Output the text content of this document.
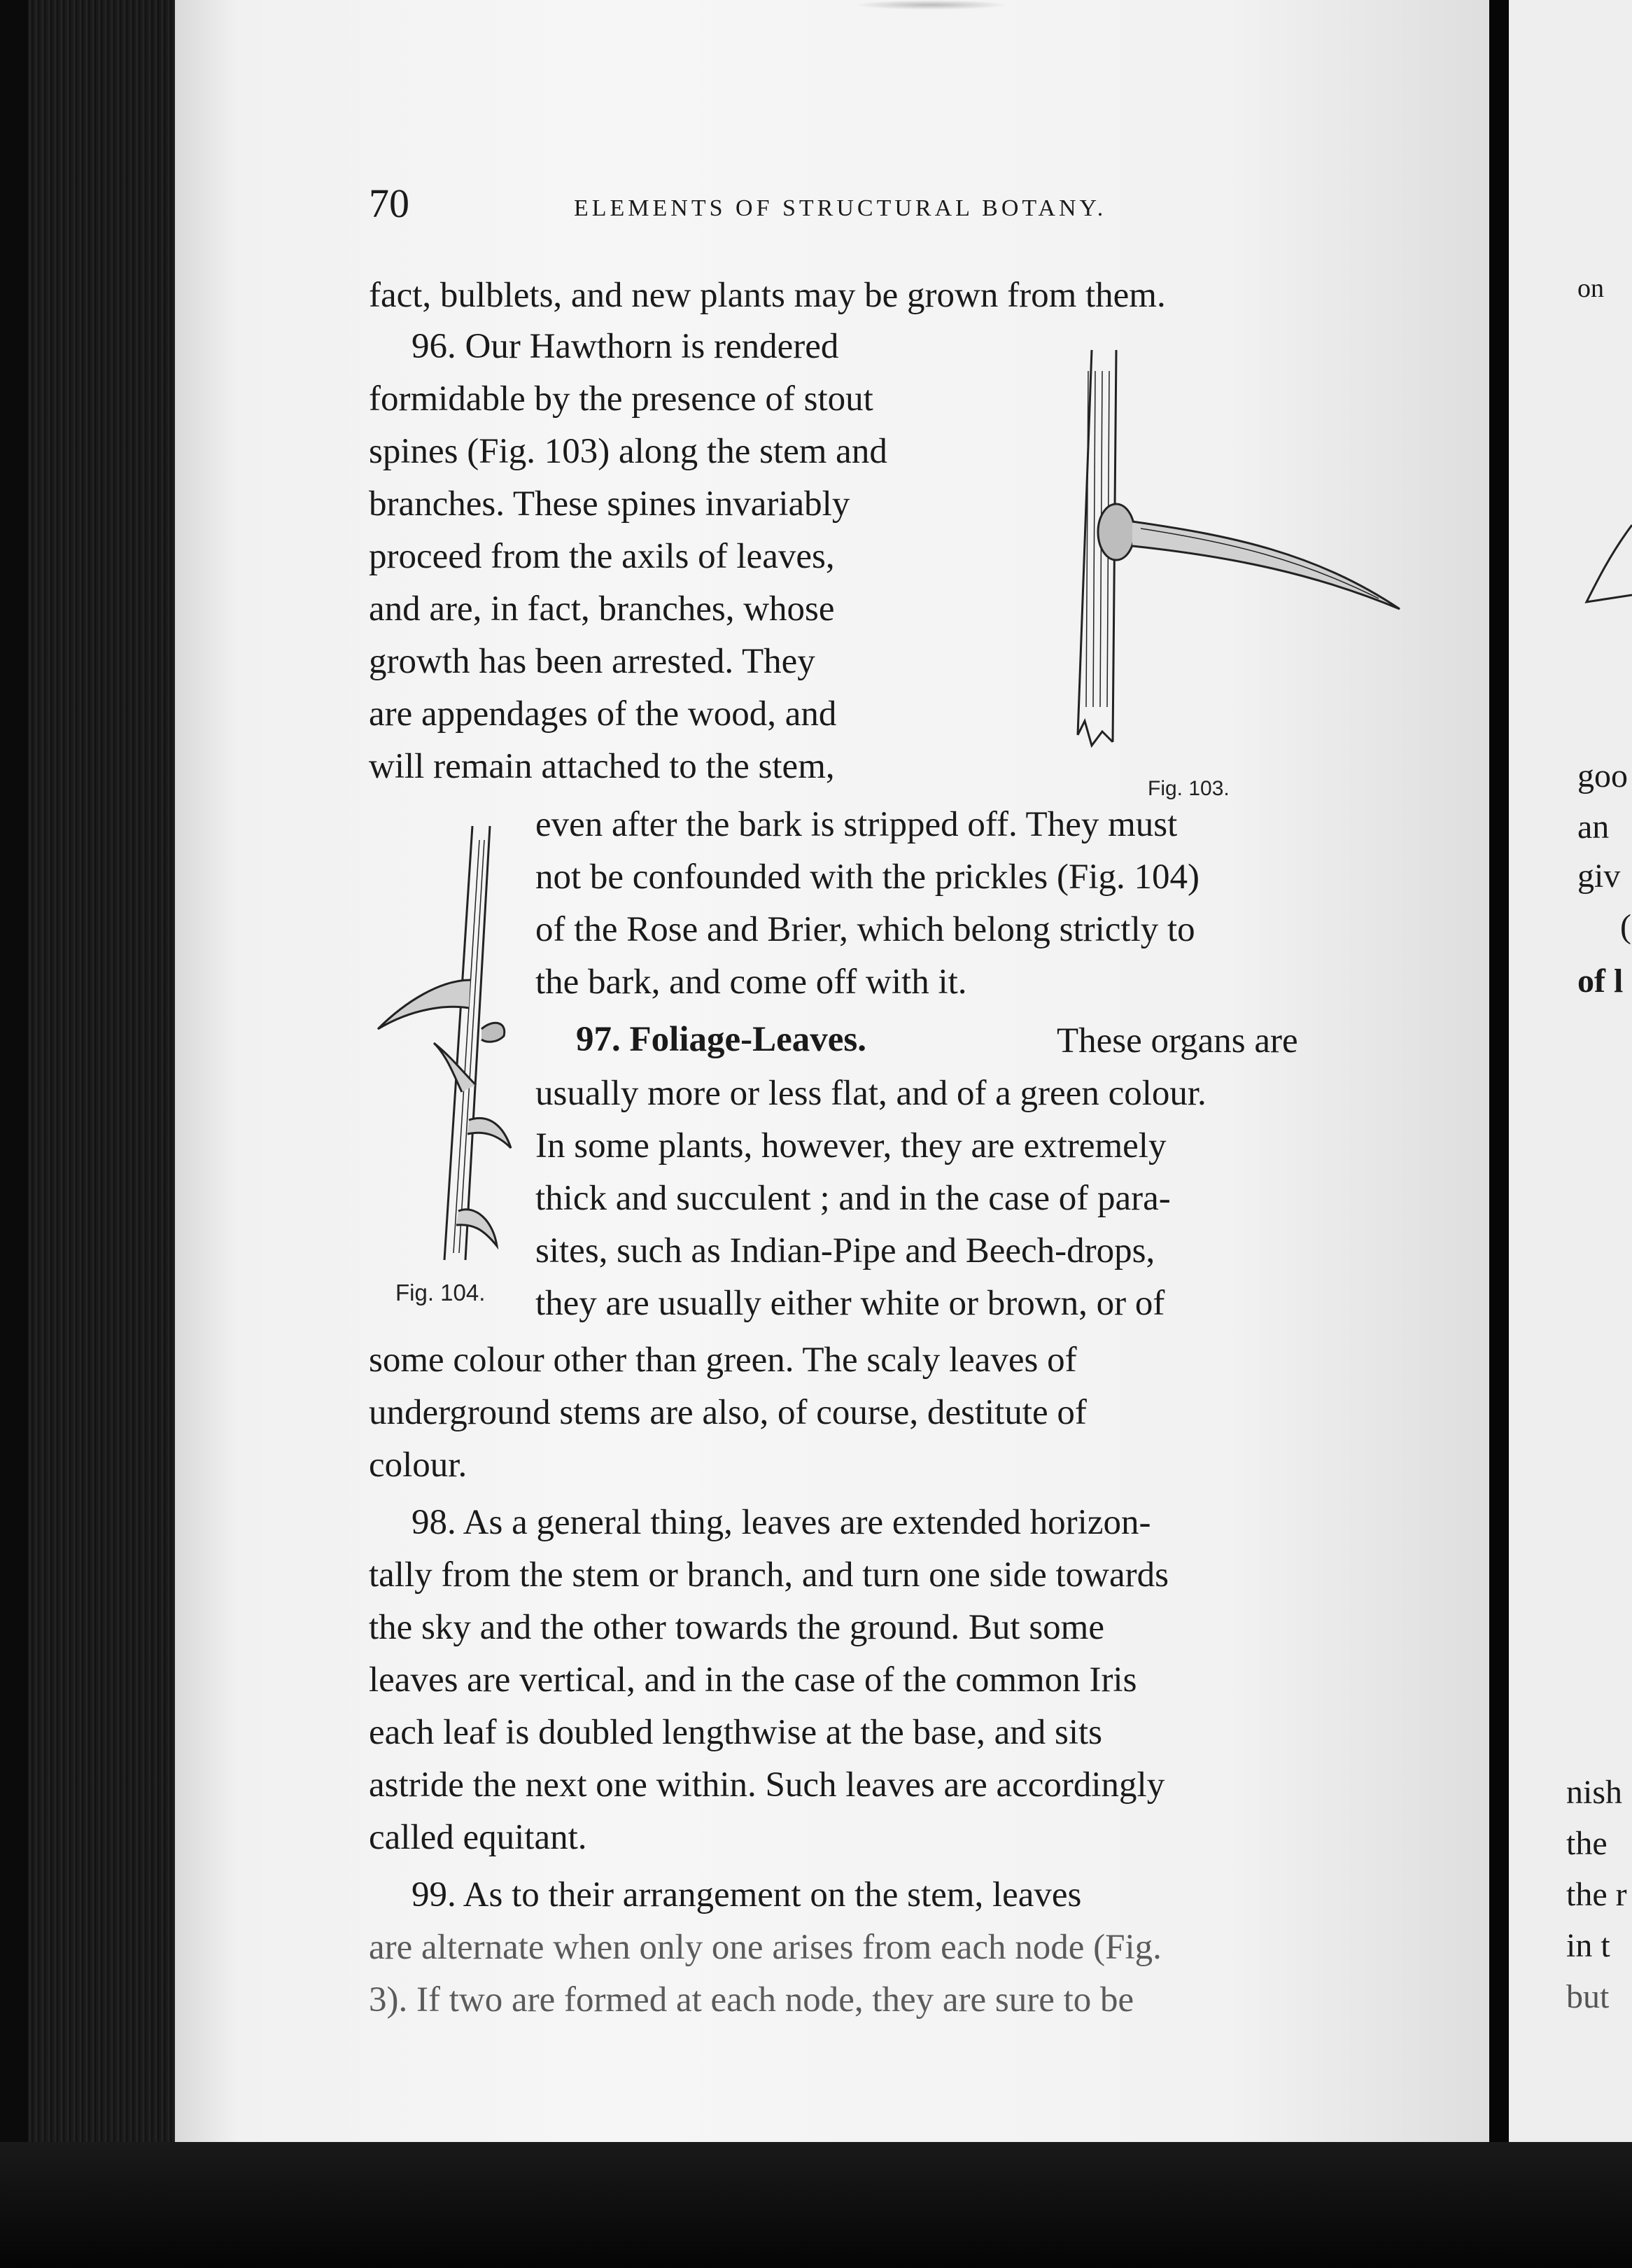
70	ELEMENTS OF STRUCTURAL BOTANY.
fact, bulblets, and new plants may be grown from them.
96. Our Hawthorn is rendered
formidable by the presence of stout
spines (Fig. 103) along the stem and
branches. These spines invariably
proceed from the axils of leaves,
and are, in fact, branches, whose
growth has been arrested. They
are appendages of the wood, and
will remain attached to the stem,
even after the bark is stripped off. They must
not be confounded with the prickles (Fig. 104)
of the Rose and Brier, which belong strictly to
the bark, and come off with it.
97. Foliage-Leaves.	These organs are
usually more or less flat, and of a green colour.
In some plants, however, they are extremely
thick and succulent ; and in the case of para-
sites, such as Indian-Pipe and Beech-drops,
they are usually either white or brown, or of
some colour other than green. The scaly leaves of
underground stems are also, of course, destitute of
colour.
98. As a general thing, leaves are extended horizon-
tally from the stem or branch, and turn one side towards
the sky and the other towards the ground. But some
leaves are vertical, and in the case of the common Iris
each leaf is doubled lengthwise at the base, and sits
astride the next one within. Such leaves are accordingly
called equitant.
99. As to their arrangement on the stem, leaves
are alternate when only one arises from each node (Fig.
3). If two are formed at each node, they are sure to be
Fig. 103.
Fig. 104.
on
goo
an
giv
(
of l
nish
the
the r
in t
but
